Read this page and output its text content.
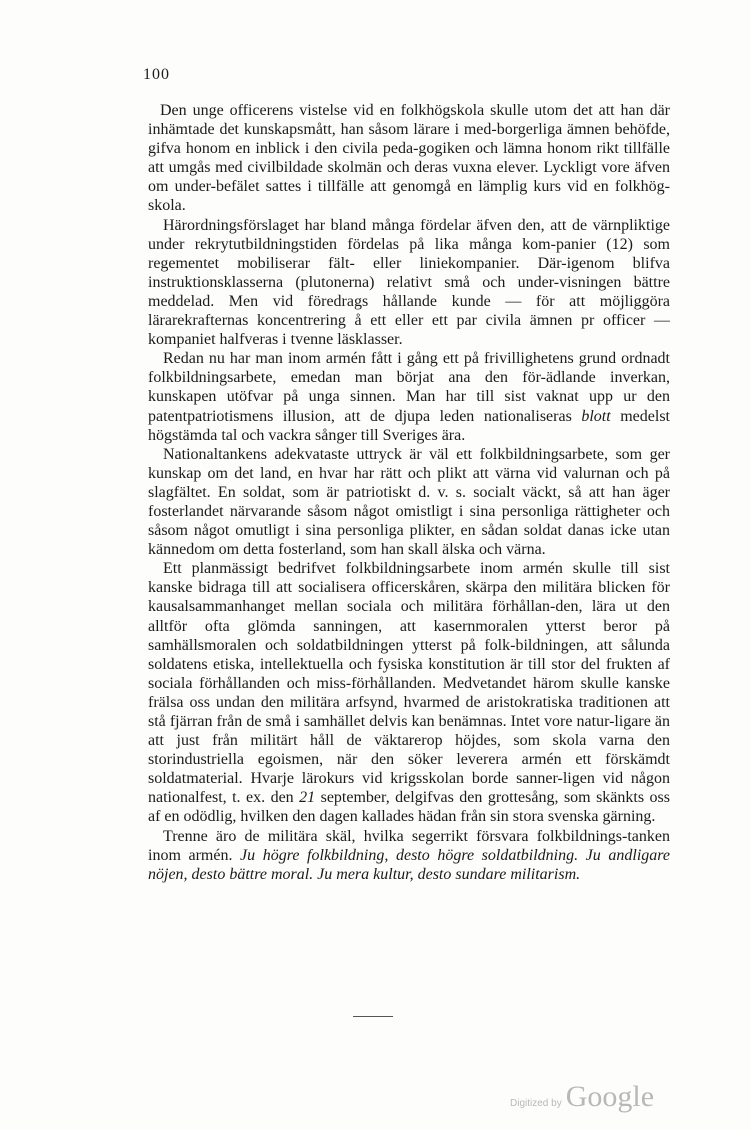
100

Den unge officerens vistelse vid en folkhögskola skulle utom det att han där inhämtade det kunskapsmått, han såsom lärare i med-borgerliga ämnen behöfde, gifva honom en inblick i den civila peda-gogiken och lämna honom rikt tillfälle att umgås med civilbildade skolmän och deras vuxna elever. Lyckligt vore äfven om under-befälet sattes i tillfälle att genomgå en lämplig kurs vid en folkhög-skola.

Härordningsförslaget har bland många fördelar äfven den, att de värnpliktige under rekrytutbildningstiden fördelas på lika många kom-panier (12) som regementet mobiliserar fält- eller liniekompanier. Där-igenom blifva instruktionsklasserna (plutonerna) relativt små och under-visningen bättre meddelad. Men vid föredrags hållande kunde — för att möjliggöra lärarekrafternas koncentrering å ett eller ett par civila ämnen pr officer — kompaniet halfveras i tvenne läsklasser.

Redan nu har man inom armén fått i gång ett på frivillighetens grund ordnadt folkbildningsarbete, emedan man börjat ana den för-ädlande inverkan, kunskapen utöfvar på unga sinnen. Man har till sist vaknat upp ur den patentpatriotismens illusion, att de djupa leden nationaliseras blott medelst högstämda tal och vackra sånger till Sveriges ära.

Nationaltankens adekvataste uttryck är väl ett folkbildningsarbete, som ger kunskap om det land, en hvar har rätt och plikt att värna vid valurnan och på slagfältet. En soldat, som är patriotiskt d. v. s. socialt väckt, så att han äger fosterlandet närvarande såsom något omistligt i sina personliga rättigheter och såsom något omutligt i sina personliga plikter, en sådan soldat danas icke utan kännedom om detta fosterland, som han skall älska och värna.

Ett planmässigt bedrifvet folkbildningsarbete inom armén skulle till sist kanske bidraga till att socialisera officerskåren, skärpa den militära blicken för kausalsammanhanget mellan sociala och militära förhållan-den, lära ut den alltför ofta glömda sanningen, att kasernmoralen ytterst beror på samhällsmoralen och soldatbildningen ytterst på folk-bildningen, att sålunda soldatens etiska, intellektuella och fysiska konstitution är till stor del frukten af sociala förhållanden och miss-förhållanden. Medvetandet härom skulle kanske frälsa oss undan den militära arfsynd, hvarmed de aristokratiska traditionen att stå fjärran från de små i samhället delvis kan benämnas. Intet vore natur-ligare än att just från militärt håll de väktarerop höjdes, som skola varna den storindustriella egoismen, när den söker leverera armén ett förskämdt soldatmaterial. Hvarje lärokurs vid krigsskolan borde sanner-ligen vid någon nationalfest, t. ex. den 21 september, delgifvas den grottesång, som skänkts oss af en odödlig, hvilken den dagen kallades hädan från sin stora svenska gärning.

Trenne äro de militära skäl, hvilka segerrikt försvara folkbildnings-tanken inom armén. Ju högre folkbildning, desto högre soldatbildning. Ju andligare nöjen, desto bättre moral. Ju mera kultur, desto sundare militarism.

Digitized by Google
